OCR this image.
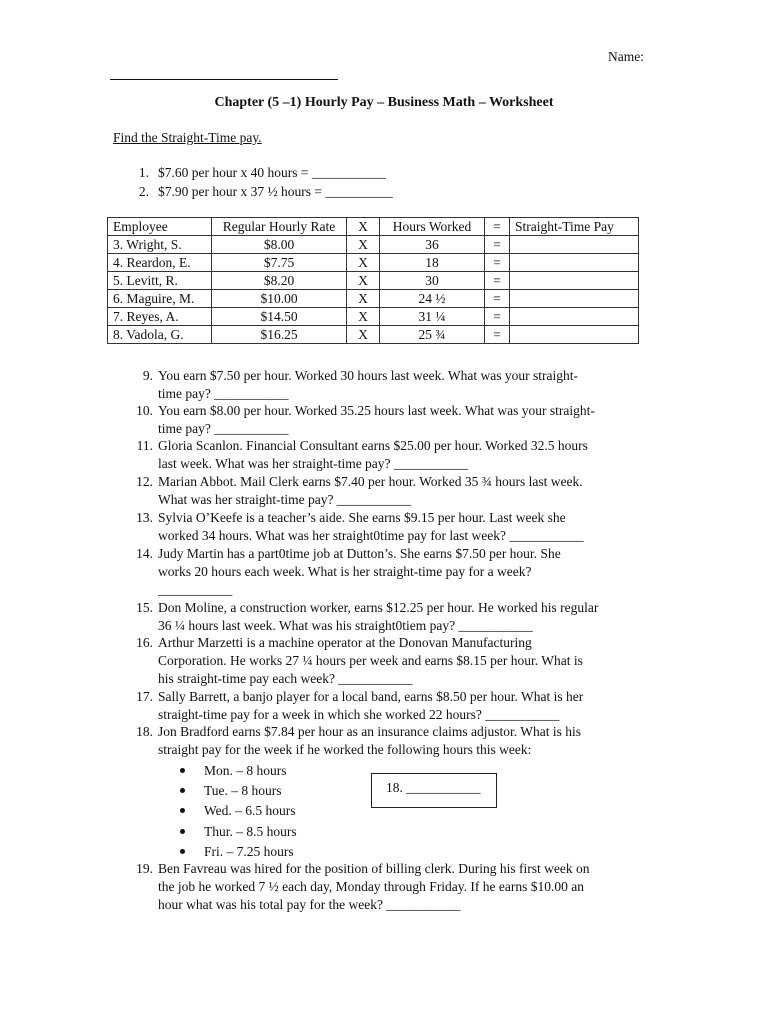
Name:
Chapter (5 –1) Hourly Pay – Business Math – Worksheet
Find the Straight-Time pay.
1. $7.60 per hour x 40 hours = ___________
2. $7.90 per hour x 37 ½ hours = __________
Employee	Regular Hourly Rate	X	Hours Worked	=	Straight-Time Pay
3. Wright, S.	$8.00	X	36	=	
4. Reardon, E.	$7.75	X	18	=	
5. Levitt, R.	$8.20	X	30	=	
6. Maguire, M.	$10.00	X	24 ½	=	
7. Reyes, A.	$14.50	X	31 ¼	=	
8. Vadola, G.	$16.25	X	25 ¾	=	
9. You earn $7.50 per hour. Worked 30 hours last week. What was your straight-
time pay? ___________
10. You earn $8.00 per hour. Worked 35.25 hours last week. What was your straight-
time pay? ___________
11. Gloria Scanlon. Financial Consultant earns $25.00 per hour. Worked 32.5 hours
last week. What was her straight-time pay? ___________
12. Marian Abbot. Mail Clerk earns $7.40 per hour. Worked 35 ¾ hours last week.
What was her straight-time pay? ___________
13. Sylvia O’Keefe is a teacher’s aide. She earns $9.15 per hour. Last week she
worked 34 hours. What was her straight0time pay for last week? ___________
14. Judy Martin has a part0time job at Dutton’s. She earns $7.50 per hour. She
works 20 hours each week. What is her straight-time pay for a week?
___________
15. Don Moline, a construction worker, earns $12.25 per hour. He worked his regular
36 ¼ hours last week. What was his straight0tiem pay? ___________
16. Arthur Marzetti is a machine operator at the Donovan Manufacturing
Corporation. He works 27 ¼ hours per week and earns $8.15 per hour. What is
his straight-time pay each week? ___________
17. Sally Barrett, a banjo player for a local band, earns $8.50 per hour. What is her
straight-time pay for a week in which she worked 22 hours? ___________
18. Jon Bradford earns $7.84 per hour as an insurance claims adjustor. What is his
straight pay for the week if he worked the following hours this week:
Mon. – 8 hours
Tue. – 8 hours
Wed. – 6.5 hours
Thur. – 8.5 hours
Fri. – 7.25 hours
18. ___________
19. Ben Favreau was hired for the position of billing clerk. During his first week on
the job he worked 7 ½ each day, Monday through Friday. If he earns $10.00 an
hour what was his total pay for the week? ___________
